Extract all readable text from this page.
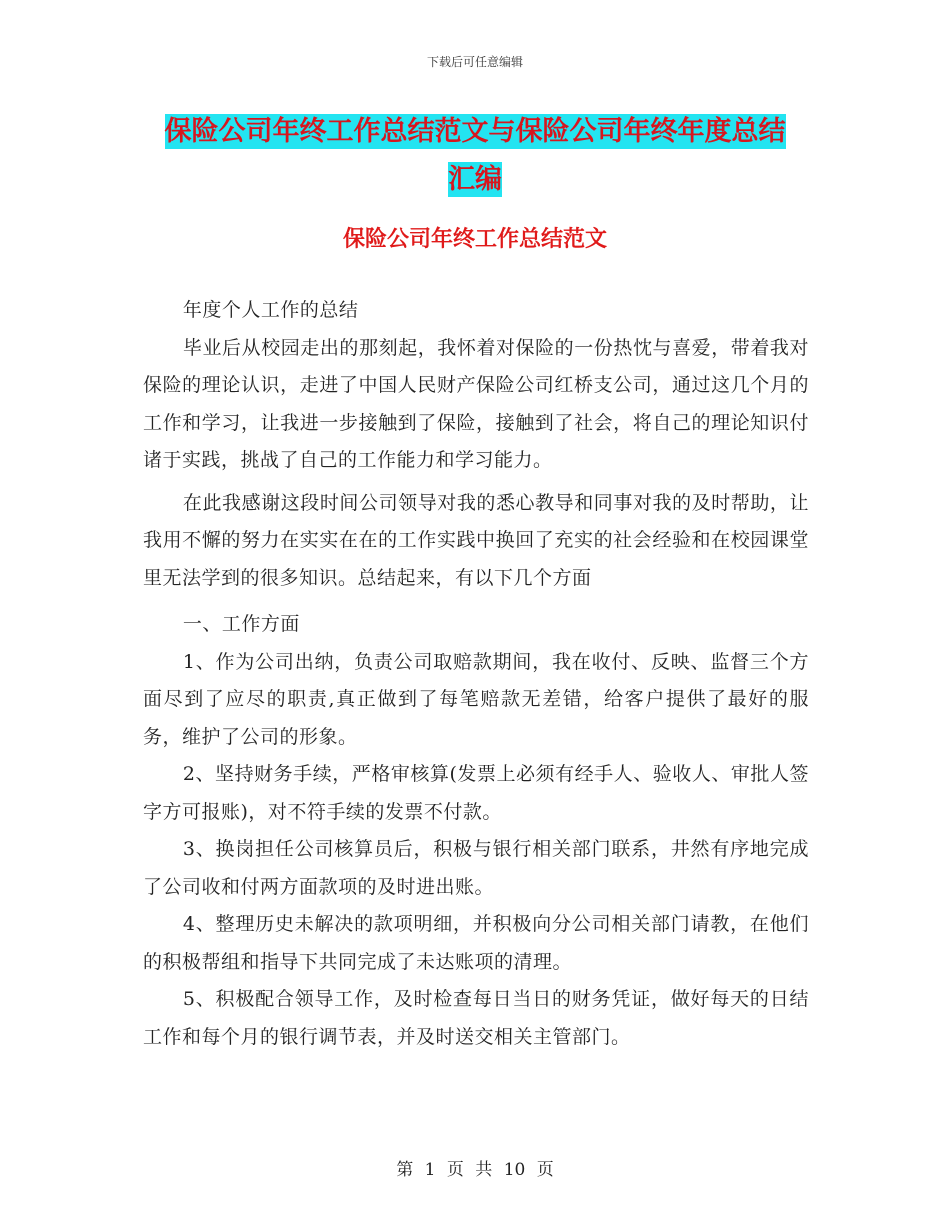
下载后可任意编辑
保险公司年终工作总结范文与保险公司年终年度总结
汇编
保险公司年终工作总结范文

年度个人工作的总结

毕业后从校园走出的那刻起，我怀着对保险的一份热忱与喜爱，带着我对保险的理论认识，走进了中国人民财产保险公司红桥支公司，通过这几个月的工作和学习，让我进一步接触到了保险，接触到了社会，将自己的理论知识付诸于实践，挑战了自己的工作能力和学习能力。

在此我感谢这段时间公司领导对我的悉心教导和同事对我的及时帮助，让我用不懈的努力在实实在在的工作实践中换回了充实的社会经验和在校园课堂里无法学到的很多知识。总结起来，有以下几个方面

一、工作方面

1、作为公司出纳，负责公司取赔款期间，我在收付、反映、监督三个方面尽到了应尽的职责,真正做到了每笔赔款无差错，给客户提供了最好的服务，维护了公司的形象。

2、坚持财务手续，严格审核算(发票上必须有经手人、验收人、审批人签字方可报账)，对不符手续的发票不付款。

3、换岗担任公司核算员后，积极与银行相关部门联系，井然有序地完成了公司收和付两方面款项的及时进出账。

4、整理历史未解决的款项明细，并积极向分公司相关部门请教，在他们的积极帮组和指导下共同完成了未达账项的清理。

5、积极配合领导工作，及时检查每日当日的财务凭证，做好每天的日结工作和每个月的银行调节表，并及时送交相关主管部门。

第 1 页 共 10 页
